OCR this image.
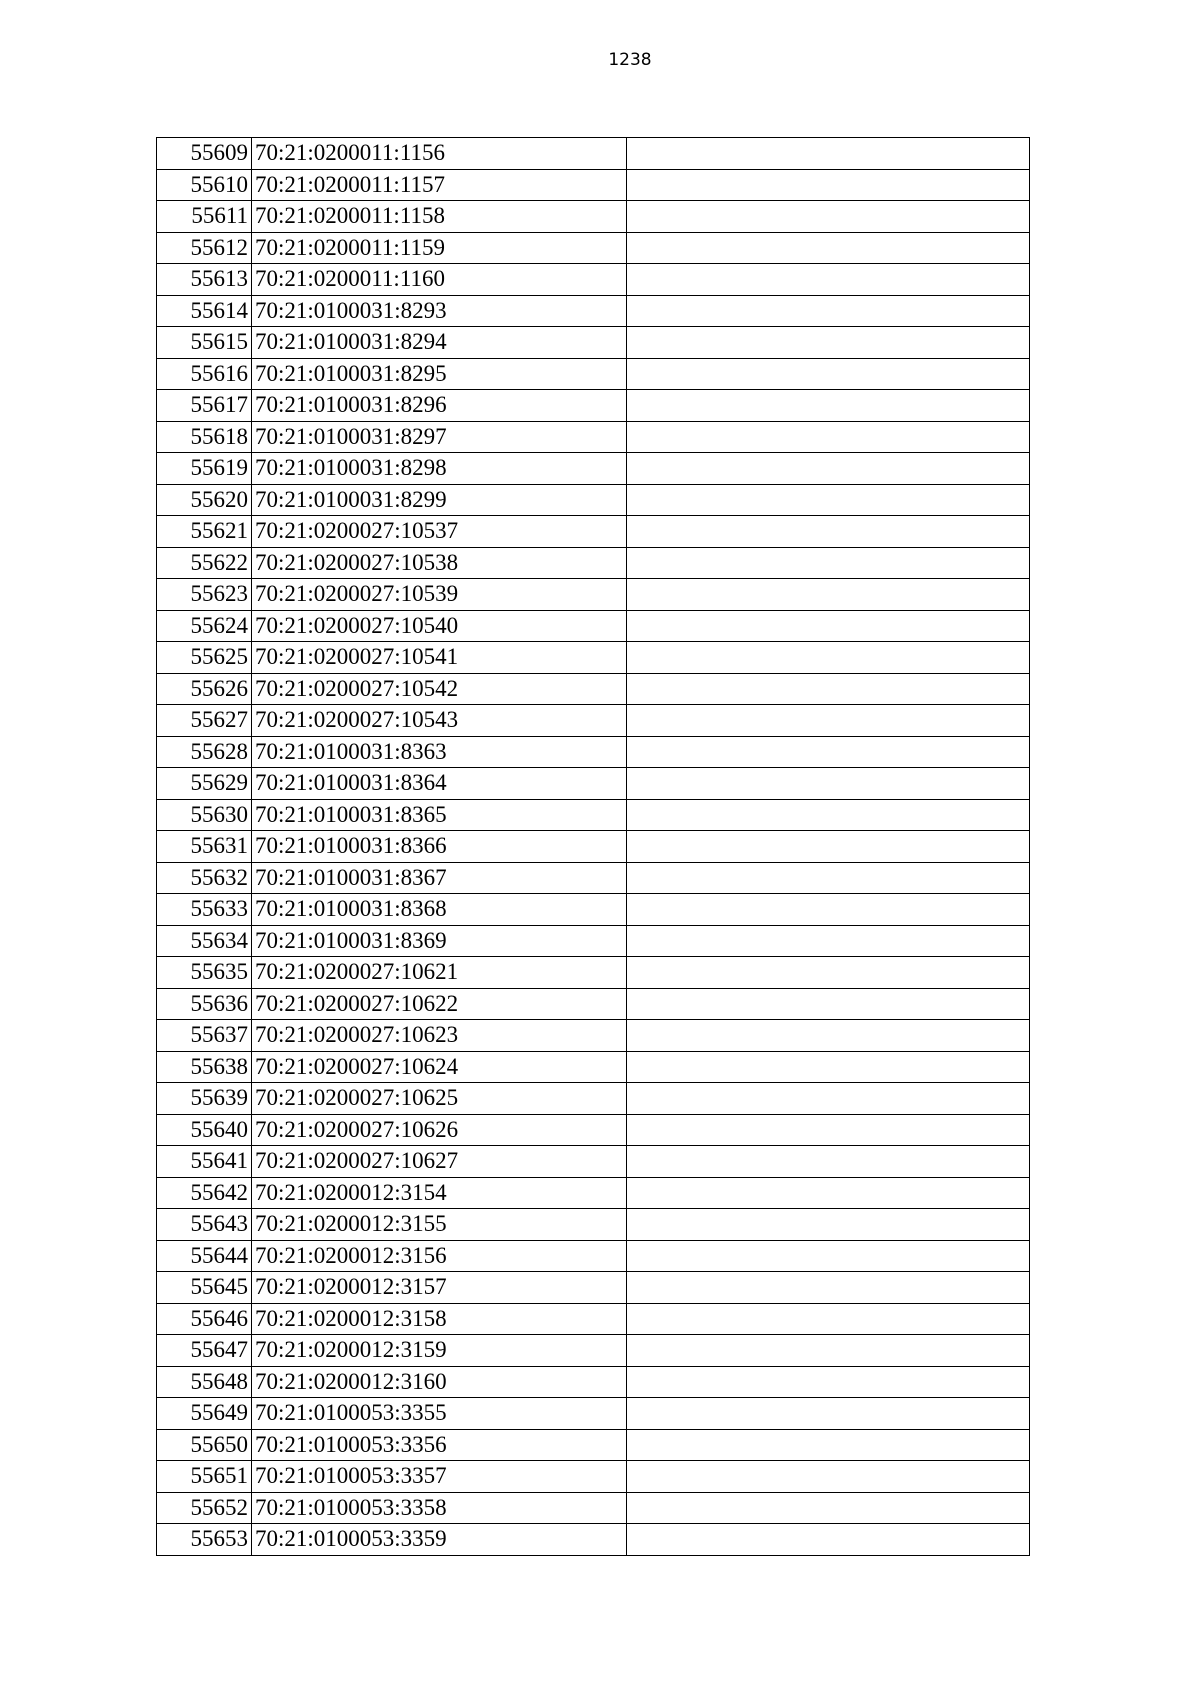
1238
55609	70:21:0200011:1156		
55610	70:21:0200011:1157		
55611	70:21:0200011:1158		
55612	70:21:0200011:1159		
55613	70:21:0200011:1160		
55614	70:21:0100031:8293		
55615	70:21:0100031:8294		
55616	70:21:0100031:8295		
55617	70:21:0100031:8296		
55618	70:21:0100031:8297		
55619	70:21:0100031:8298		
55620	70:21:0100031:8299		
55621	70:21:0200027:10537		
55622	70:21:0200027:10538		
55623	70:21:0200027:10539		
55624	70:21:0200027:10540		
55625	70:21:0200027:10541		
55626	70:21:0200027:10542		
55627	70:21:0200027:10543		
55628	70:21:0100031:8363		
55629	70:21:0100031:8364		
55630	70:21:0100031:8365		
55631	70:21:0100031:8366		
55632	70:21:0100031:8367		
55633	70:21:0100031:8368		
55634	70:21:0100031:8369		
55635	70:21:0200027:10621		
55636	70:21:0200027:10622		
55637	70:21:0200027:10623		
55638	70:21:0200027:10624		
55639	70:21:0200027:10625		
55640	70:21:0200027:10626		
55641	70:21:0200027:10627		
55642	70:21:0200012:3154		
55643	70:21:0200012:3155		
55644	70:21:0200012:3156		
55645	70:21:0200012:3157		
55646	70:21:0200012:3158		
55647	70:21:0200012:3159		
55648	70:21:0200012:3160		
55649	70:21:0100053:3355		
55650	70:21:0100053:3356		
55651	70:21:0100053:3357		
55652	70:21:0100053:3358		
55653	70:21:0100053:3359		
